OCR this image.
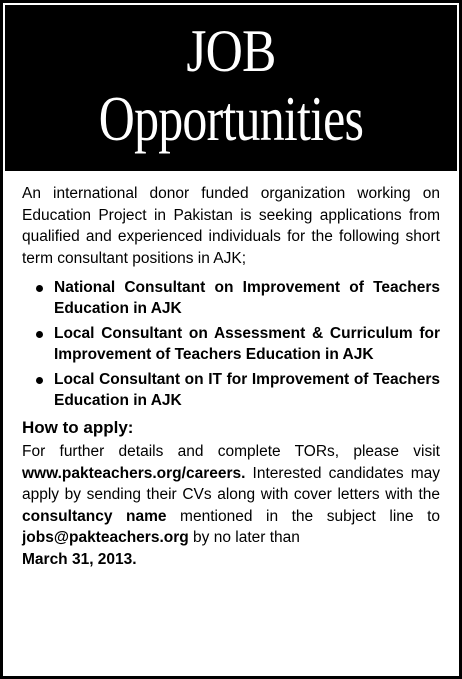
JOB
Opportunities

An international donor funded organization working on Education Project in Pakistan is seeking applications from qualified and experienced individuals for the following short term consultant positions in AJK;

National Consultant on Improvement of Teachers Education in AJK
Local Consultant on Assessment & Curriculum for Improvement of Teachers Education in AJK
Local Consultant on IT for Improvement of Teachers Education in AJK
How to apply:

For further details and complete TORs, please visit www.pakteachers.org/careers. Interested candidates may apply by sending their CVs along with cover letters with the consultancy name mentioned in the subject line to jobs@pakteachers.org by no later than
March 31, 2013.
